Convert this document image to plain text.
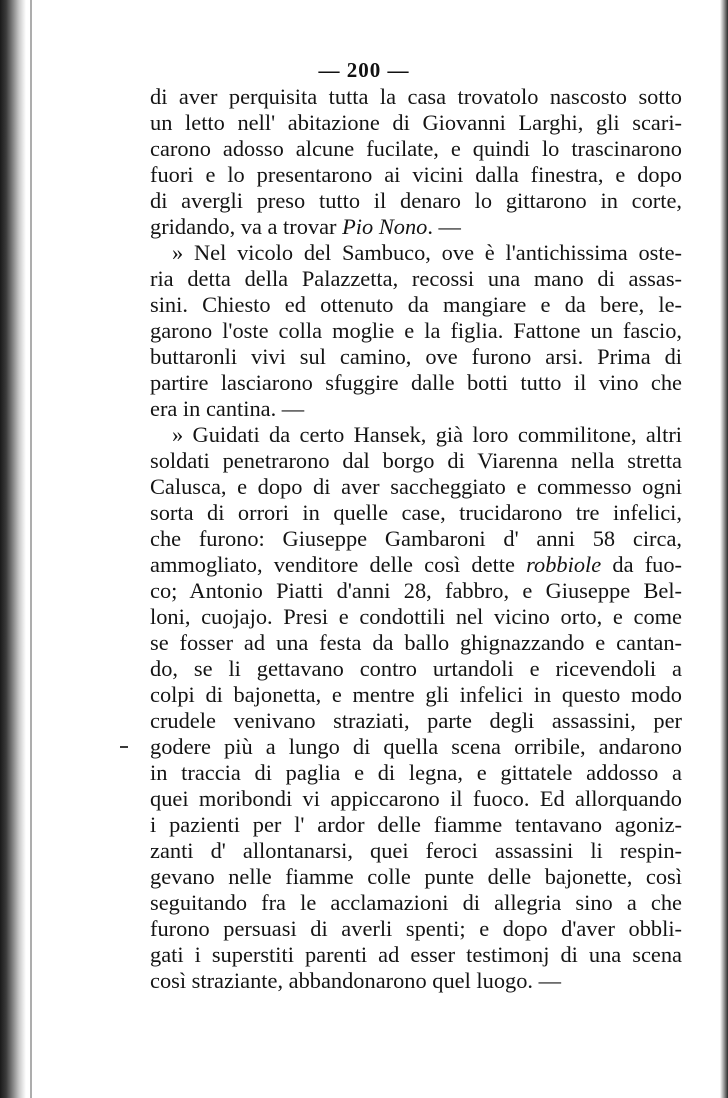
— 200 —
di aver perquisita tutta la casa trovatolo nascosto sotto
un letto nell' abitazione di Giovanni Larghi, gli scari-
carono adosso alcune fucilate, e quindi lo trascinarono
fuori e lo presentarono ai vicini dalla finestra, e dopo
di avergli preso tutto il denaro lo gittarono in corte,
gridando, va a trovar Pio Nono. —
» Nel vicolo del Sambuco, ove è l'antichissima oste-
ria detta della Palazzetta, recossi una mano di assas-
sini. Chiesto ed ottenuto da mangiare e da bere, le-
garono l'oste colla moglie e la figlia. Fattone un fascio,
buttaronli vivi sul camino, ove furono arsi. Prima di
partire lasciarono sfuggire dalle botti tutto il vino che
era in cantina. —
» Guidati da certo Hansek, già loro commilitone, altri
soldati penetrarono dal borgo di Viarenna nella stretta
Calusca, e dopo di aver saccheggiato e commesso ogni
sorta di orrori in quelle case, trucidarono tre infelici,
che furono: Giuseppe Gambaroni d' anni 58 circa,
ammogliato, venditore delle così dette robbiole da fuo-
co; Antonio Piatti d'anni 28, fabbro, e Giuseppe Bel-
loni, cuojajo. Presi e condottili nel vicino orto, e come
se fosser ad una festa da ballo ghignazzando e cantan-
do, se li gettavano contro urtandoli e ricevendoli a
colpi di bajonetta, e mentre gli infelici in questo modo
crudele venivano straziati, parte degli assassini, per
godere più a lungo di quella scena orribile, andarono
in traccia di paglia e di legna, e gittatele addosso a
quei moribondi vi appiccarono il fuoco. Ed allorquando
i pazienti per l' ardor delle fiamme tentavano agoniz-
zanti d' allontanarsi, quei feroci assassini li respin-
gevano nelle fiamme colle punte delle bajonette, così
seguitando fra le acclamazioni di allegria sino a che
furono persuasi di averli spenti; e dopo d'aver obbli-
gati i superstiti parenti ad esser testimonj di una scena
così straziante, abbandonarono quel luogo. —
